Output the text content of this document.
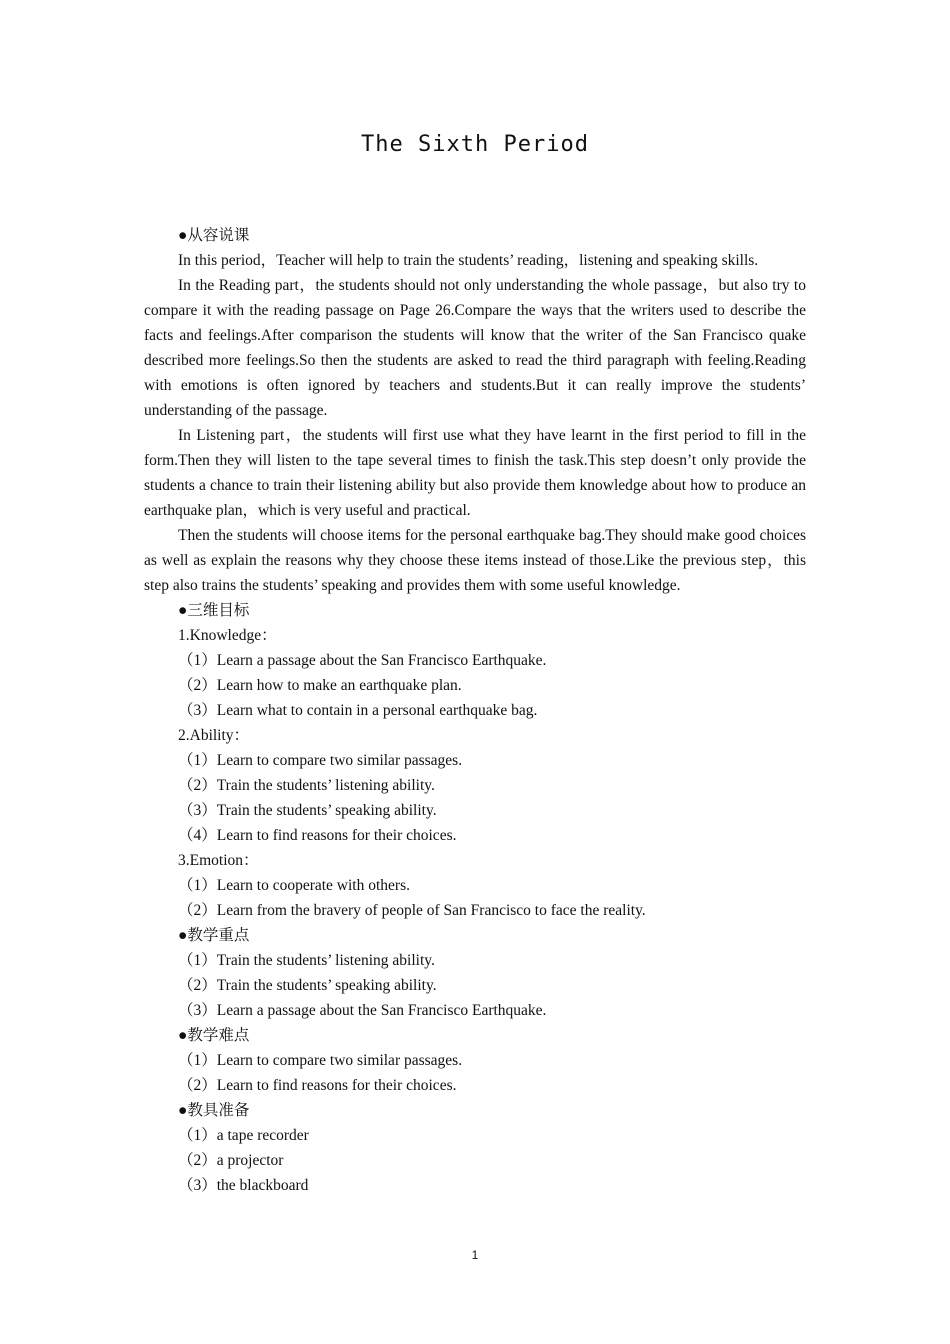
The Sixth Period

●从容说课

In this period，Teacher will help to train the students’ reading，listening and speaking skills.

In the Reading part，the students should not only understanding the whole passage，but also try to compare it with the reading passage on Page 26.Compare the ways that the writers used to describe the facts and feelings.After comparison the students will know that the writer of the San Francisco quake described more feelings.So then the students are asked to read the third paragraph with feeling.Reading with emotions is often ignored by teachers and students.But it can really improve the students’ understanding of the passage.

In Listening part，the students will first use what they have learnt in the first period to fill in the form.Then they will listen to the tape several times to finish the task.This step doesn’t only provide the students a chance to train their listening ability but also provide them knowledge about how to produce an earthquake plan，which is very useful and practical.

Then the students will choose items for the personal earthquake bag.They should make good choices as well as explain the reasons why they choose these items instead of those.Like the previous step，this step also trains the students’ speaking and provides them with some useful knowledge.

●三维目标

1.Knowledge：

（1）Learn a passage about the San Francisco Earthquake.

（2）Learn how to make an earthquake plan.

（3）Learn what to contain in a personal earthquake bag.

2.Ability：

（1）Learn to compare two similar passages.

（2）Train the students’ listening ability.

（3）Train the students’ speaking ability.

（4）Learn to find reasons for their choices.

3.Emotion：

（1）Learn to cooperate with others.

（2）Learn from the bravery of people of San Francisco to face the reality.

●教学重点

（1）Train the students’ listening ability.

（2）Train the students’ speaking ability.

（3）Learn a passage about the San Francisco Earthquake.

●教学难点

（1）Learn to compare two similar passages.

（2）Learn to find reasons for their choices.

●教具准备

（1）a tape recorder

（2）a projector

（3）the blackboard

1
